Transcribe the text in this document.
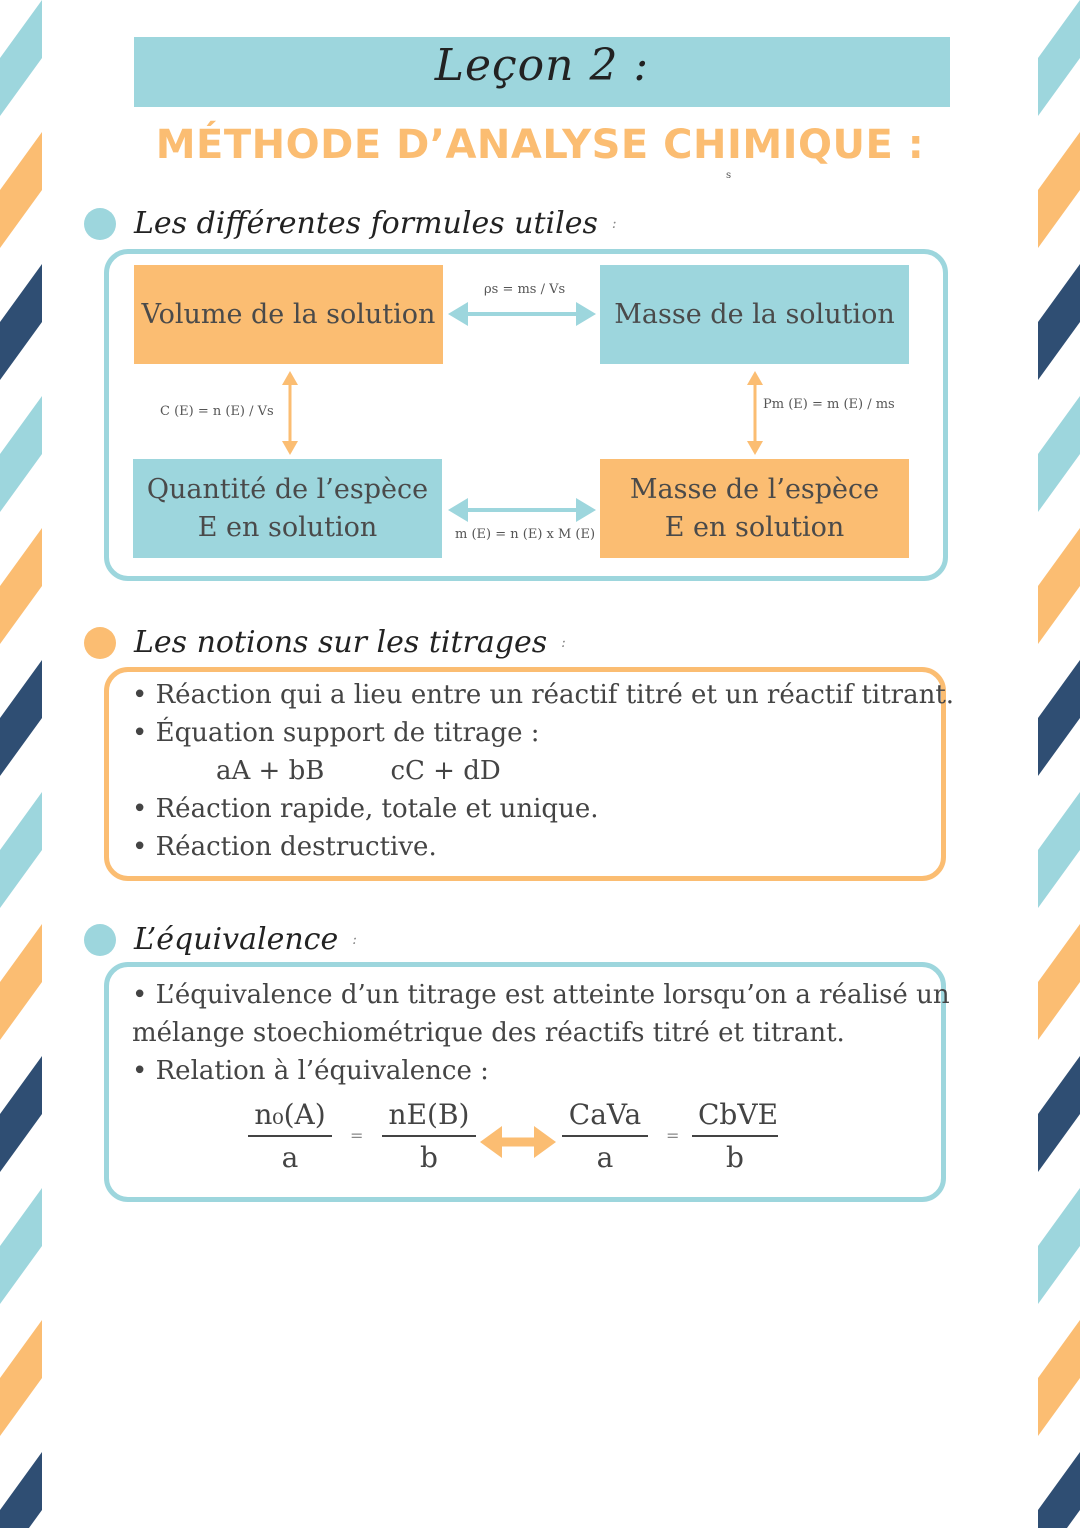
Leçon 2 :
MÉTHODE D’ANALYSE CHIMIQUE :
s
Les différentes formules utiles :
Volume de la solution	Masse de la solution
Quantité de l’espèce
E en solution
Masse de l’espèce
E en solution
ρs = ms / Vs
C (E) = n (E) / Vs	Pm (E) = m (E) / ms
m (E) = n (E) x M (E)
Les notions sur les titrages :
• Réaction qui a lieu entre un réactif titré et un réactif titrant.
• Équation support de titrage :
aA + bB        cC + dD
• Réaction rapide, totale et unique.
• Réaction destructive.
L’équivalence :
• L’équivalence d’un titrage est atteinte lorsqu’on a réalisé un
mélange stoechiométrique des réactifs titré et titrant.
• Relation à l’équivalence :
$\frac{\text{n₀(A)}}{a} = \frac{nE(B)}{b}$	CaVa
a
=
CbVE
b
